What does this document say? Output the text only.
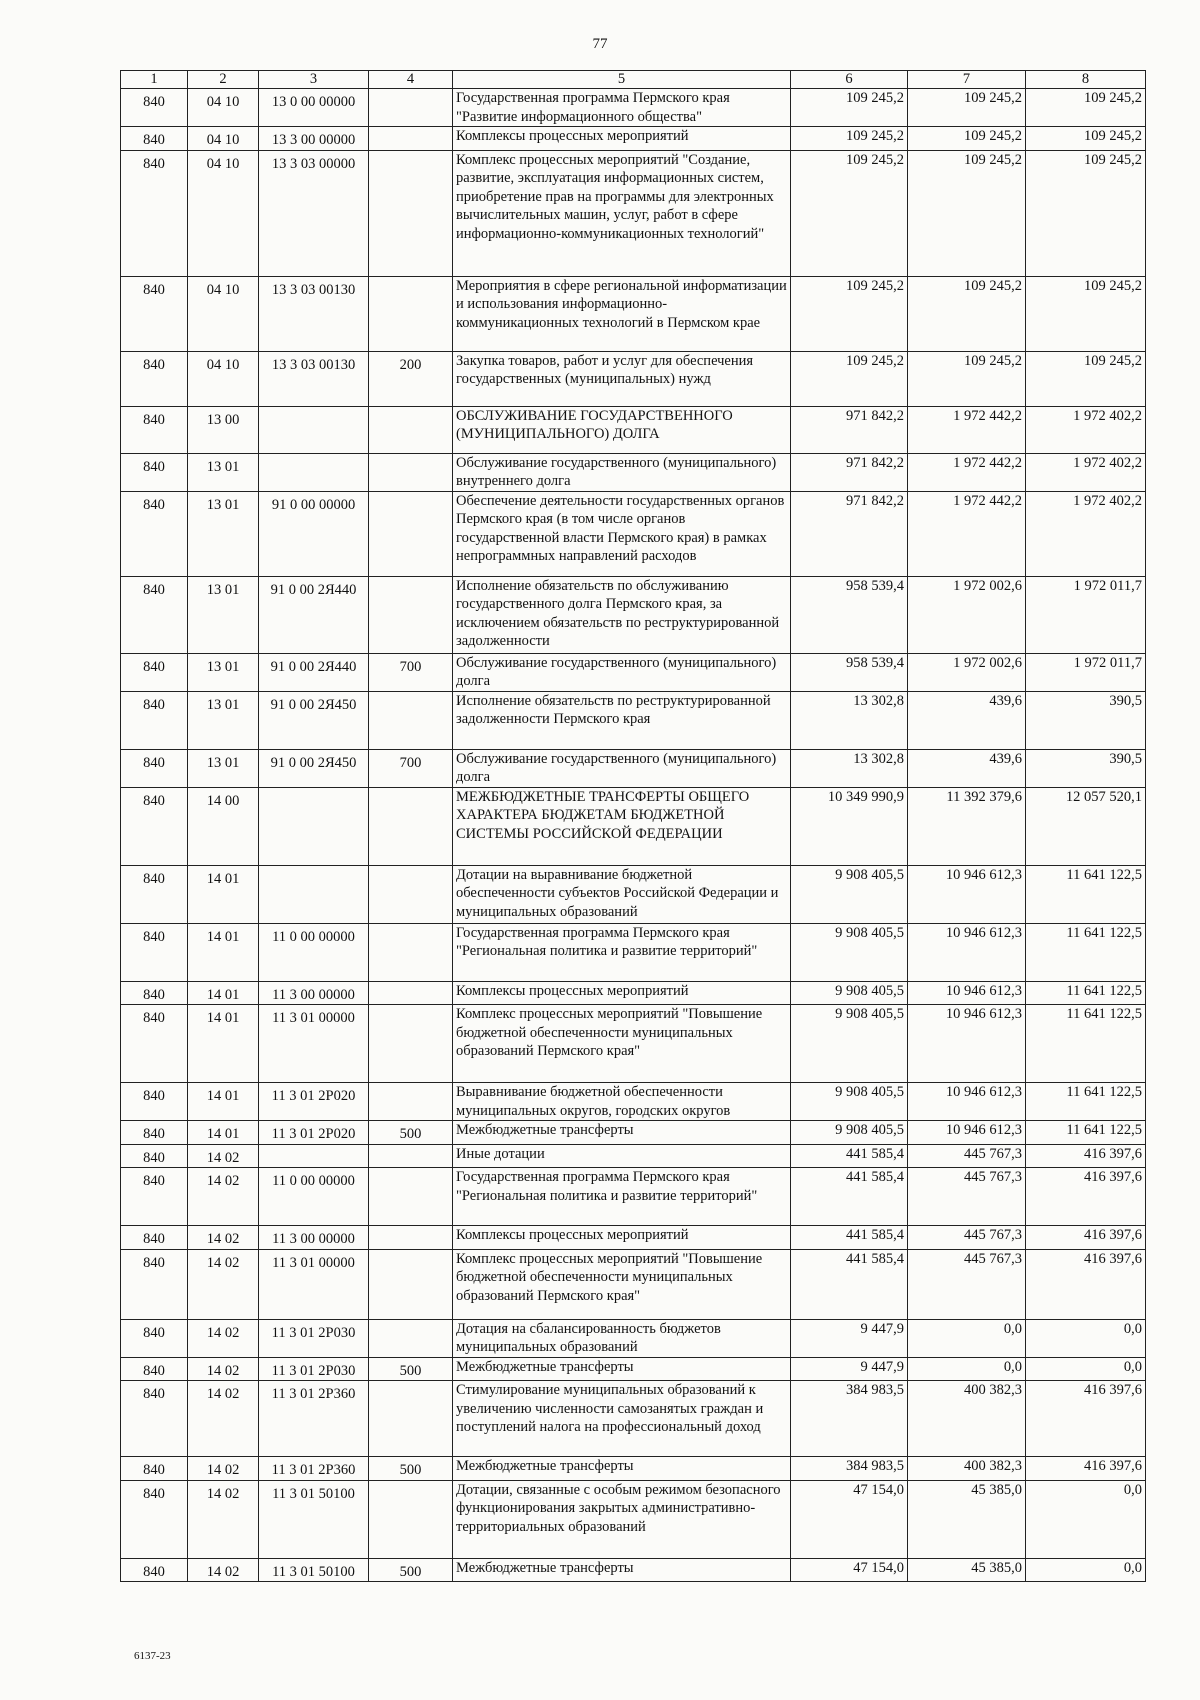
77
1	2	3	4	5	6	7	8
840	04 10	13 0 00 00000		Государственная программа Пермского края "Развитие информационного общества"	109 245,2	109 245,2	109 245,2
840	04 10	13 3 00 00000		Комплексы процессных мероприятий	109 245,2	109 245,2	109 245,2
840	04 10	13 3 03 00000		Комплекс процессных мероприятий "Создание, развитие, эксплуатация информационных систем, приобретение прав на программы для электронных вычислительных машин, услуг, работ в сфере информационно-коммуникационных технологий"	109 245,2	109 245,2	109 245,2
840	04 10	13 3 03 00130		Мероприятия в сфере региональной информатизации и использования информационно-коммуникационных технологий в Пермском крае	109 245,2	109 245,2	109 245,2
840	04 10	13 3 03 00130	200	Закупка товаров, работ и услуг для обеспечения государственных (муниципальных) нужд	109 245,2	109 245,2	109 245,2
840	13 00			ОБСЛУЖИВАНИЕ ГОСУДАРСТВЕННОГО (МУНИЦИПАЛЬНОГО) ДОЛГА	971 842,2	1 972 442,2	1 972 402,2
840	13 01			Обслуживание государственного (муниципального) внутреннего долга	971 842,2	1 972 442,2	1 972 402,2
840	13 01	91 0 00 00000		Обеспечение деятельности государственных органов Пермского края (в том числе органов государственной власти Пермского края) в рамках непрограммных направлений расходов	971 842,2	1 972 442,2	1 972 402,2
840	13 01	91 0 00 2Я440		Исполнение обязательств по обслуживанию государственного долга Пермского края, за исключением обязательств по реструктурированной задолженности	958 539,4	1 972 002,6	1 972 011,7
840	13 01	91 0 00 2Я440	700	Обслуживание государственного (муниципального) долга	958 539,4	1 972 002,6	1 972 011,7
840	13 01	91 0 00 2Я450		Исполнение обязательств по реструктурированной задолженности Пермского края	13 302,8	439,6	390,5
840	13 01	91 0 00 2Я450	700	Обслуживание государственного (муниципального) долга	13 302,8	439,6	390,5
840	14 00			МЕЖБЮДЖЕТНЫЕ ТРАНСФЕРТЫ ОБЩЕГО ХАРАКТЕРА БЮДЖЕТАМ БЮДЖЕТНОЙ СИСТЕМЫ РОССИЙСКОЙ ФЕДЕРАЦИИ	10 349 990,9	11 392 379,6	12 057 520,1
840	14 01			Дотации на выравнивание бюджетной обеспеченности субъектов Российской Федерации и муниципальных образований	9 908 405,5	10 946 612,3	11 641 122,5
840	14 01	11 0 00 00000		Государственная программа Пермского края "Региональная политика и развитие территорий"	9 908 405,5	10 946 612,3	11 641 122,5
840	14 01	11 3 00 00000		Комплексы процессных мероприятий	9 908 405,5	10 946 612,3	11 641 122,5
840	14 01	11 3 01 00000		Комплекс процессных мероприятий "Повышение бюджетной обеспеченности муниципальных образований Пермского края"	9 908 405,5	10 946 612,3	11 641 122,5
840	14 01	11 3 01 2Р020		Выравнивание бюджетной обеспеченности муниципальных округов, городских округов	9 908 405,5	10 946 612,3	11 641 122,5
840	14 01	11 3 01 2Р020	500	Межбюджетные трансферты	9 908 405,5	10 946 612,3	11 641 122,5
840	14 02			Иные дотации	441 585,4	445 767,3	416 397,6
840	14 02	11 0 00 00000		Государственная программа Пермского края "Региональная политика и развитие территорий"	441 585,4	445 767,3	416 397,6
840	14 02	11 3 00 00000		Комплексы процессных мероприятий	441 585,4	445 767,3	416 397,6
840	14 02	11 3 01 00000		Комплекс процессных мероприятий "Повышение бюджетной обеспеченности муниципальных образований Пермского края"	441 585,4	445 767,3	416 397,6
840	14 02	11 3 01 2Р030		Дотация на сбалансированность бюджетов муниципальных образований	9 447,9	0,0	0,0
840	14 02	11 3 01 2Р030	500	Межбюджетные трансферты	9 447,9	0,0	0,0
840	14 02	11 3 01 2Р360		Стимулирование муниципальных образований к увеличению численности самозанятых граждан и поступлений налога на профессиональный доход	384 983,5	400 382,3	416 397,6
840	14 02	11 3 01 2Р360	500	Межбюджетные трансферты	384 983,5	400 382,3	416 397,6
840	14 02	11 3 01 50100		Дотации, связанные с особым режимом безопасного функционирования закрытых административно-территориальных образований	47 154,0	45 385,0	0,0
840	14 02	11 3 01 50100	500	Межбюджетные трансферты	47 154,0	45 385,0	0,0
6137-23
